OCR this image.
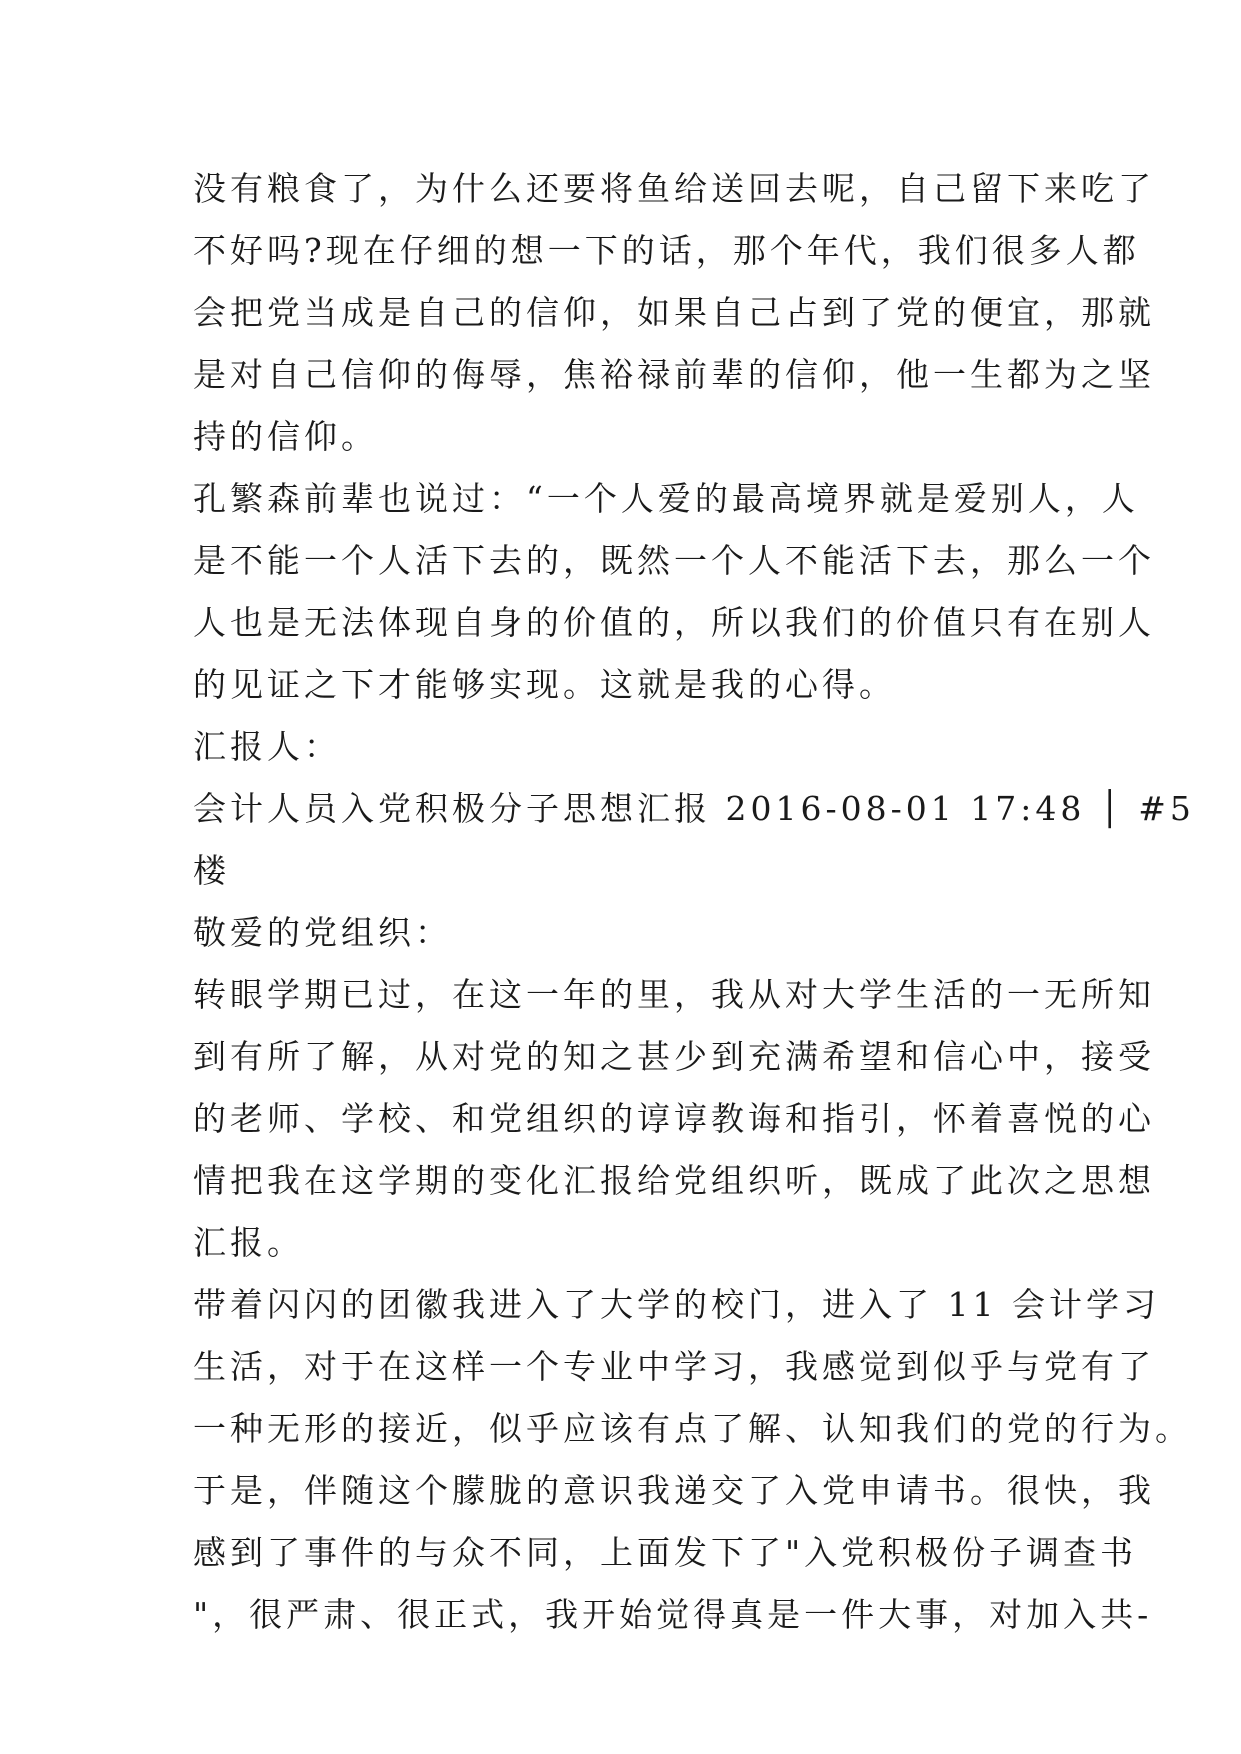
没有粮食了，为什么还要将鱼给送回去呢，自己留下来吃了
不好吗?现在仔细的想一下的话，那个年代，我们很多人都
会把党当成是自己的信仰，如果自己占到了党的便宜，那就
是对自己信仰的侮辱，焦裕禄前辈的信仰，他一生都为之坚
持的信仰。
孔繁森前辈也说过：“一个人爱的最高境界就是爱别人，人
是不能一个人活下去的，既然一个人不能活下去，那么一个
人也是无法体现自身的价值的，所以我们的价值只有在别人
的见证之下才能够实现。这就是我的心得。
汇报人：
会计人员入党积极分子思想汇报 2016-08-01 17:48 │ #5
楼
敬爱的党组织：
转眼学期已过，在这一年的里，我从对大学生活的一无所知
到有所了解，从对党的知之甚少到充满希望和信心中，接受
的老师、学校、和党组织的谆谆教诲和指引，怀着喜悦的心
情把我在这学期的变化汇报给党组织听，既成了此次之思想
汇报。
带着闪闪的团徽我进入了大学的校门，进入了 11 会计学习
生活，对于在这样一个专业中学习，我感觉到似乎与党有了
一种无形的接近，似乎应该有点了解、认知我们的党的行为。
于是，伴随这个朦胧的意识我递交了入党申请书。很快，我
感到了事件的与众不同，上面发下了"入党积极份子调查书
"，很严肃、很正式，我开始觉得真是一件大事，对加入共-
